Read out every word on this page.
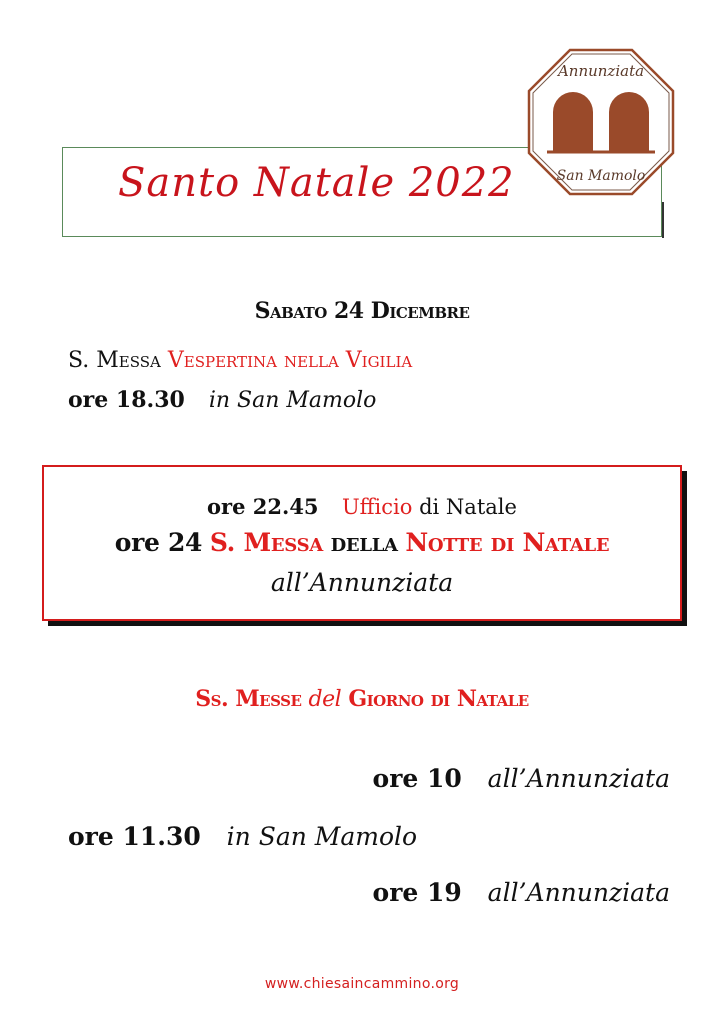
Santo Natale 2022
Annunziata
San Mamolo
Sabato 24 Dicembre
S. Messa Vespertina nella Vigilia
ore 18.30 in San Mamolo
ore 22.45 Ufficio di Natale
ore 24 S. Messa della Notte di Natale
all’Annunziata
Ss. Messe del Giorno di Natale
ore 10 all’Annunziata
ore 11.30 in San Mamolo
ore 19 all’Annunziata
www.chiesaincammino.org
